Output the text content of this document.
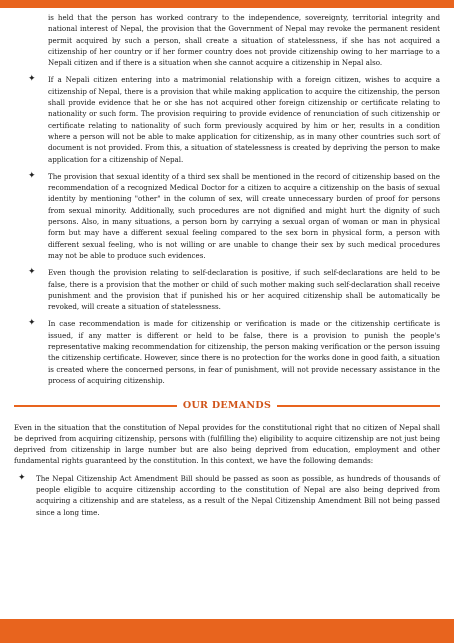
is held that the person has worked contrary to the independence, sovereignty, territorial integrity and national interest of Nepal, the provision that the Government of Nepal may revoke the permanent resident permit acquired by such a person, shall create a situation of statelessness, if she has not acquired a citizenship of her country or if her former country does not provide citizenship owing to her marriage to a Nepali citizen and if there is a situation when she cannot acquire a citizenship in Nepal also.

✦ If a Nepali citizen entering into a matrimonial relationship with a foreign citizen, wishes to acquire a citizenship of Nepal, there is a provision that while making application to acquire the citizenship, the person shall provide evidence that he or she has not acquired other foreign citizenship or certificate relating to nationality or such form. The provision requiring to provide evidence of renunciation of such citizenship or certificate relating to nationality of such form previously acquired by him or her, results in a condition where a person will not be able to make application for citizenship, as in many other countries such sort of document is not provided. From this, a situation of statelessness is created by depriving the person to make application for a citizenship of Nepal.
✦ The provision that sexual identity of a third sex shall be mentioned in the record of citizenship based on the recommendation of a recognized Medical Doctor for a citizen to acquire a citizenship on the basis of sexual identity by mentioning "other" in the column of sex, will create unnecessary burden of proof for persons from sexual minority. Additionally, such procedures are not dignified and might hurt the dignity of such persons. Also, in many situations, a person born by carrying a sexual organ of woman or man in physical form but may have a different sexual feeling compared to the sex born in physical form, a person with different sexual feeling, who is not willing or are unable to change their sex by such medical procedures may not be able to produce such evidences.
✦ Even though the provision relating to self-declaration is positive, if such self-declarations are held to be false, there is a provision that the mother or child of such mother making such self-declaration shall receive punishment and the provision that if punished his or her acquired citizenship shall be automatically be revoked, will create a situation of statelessness.
✦ In case recommendation is made for citizenship or verification is made or the citizenship certificate is issued, if any matter is different or held to be false, there is a provision to punish the people's representative making recommendation for citizenship, the person making verification or the person issuing the citizenship certificate. However, since there is no protection for the works done in good faith, a situation is created where the concerned persons, in fear of punishment, will not provide necessary assistance in the process of acquiring citizenship.
OUR DEMANDS

Even in the situation that the constitution of Nepal provides for the constitutional right that no citizen of Nepal shall be deprived from acquiring citizenship, persons with (fulfilling the) eligibility to acquire citizenship are not just being deprived from citizenship in large number but are also being deprived from education, employment and other fundamental rights guaranteed by the constitution. In this context, we have the following demands:

✦ The Nepal Citizenship Act Amendment Bill should be passed as soon as possible, as hundreds of thousands of people eligible to acquire citizenship according to the constitution of Nepal are also being deprived from acquiring a citizenship and are stateless, as a result of the Nepal Citizenship Amendment Bill not being passed since a long time.
